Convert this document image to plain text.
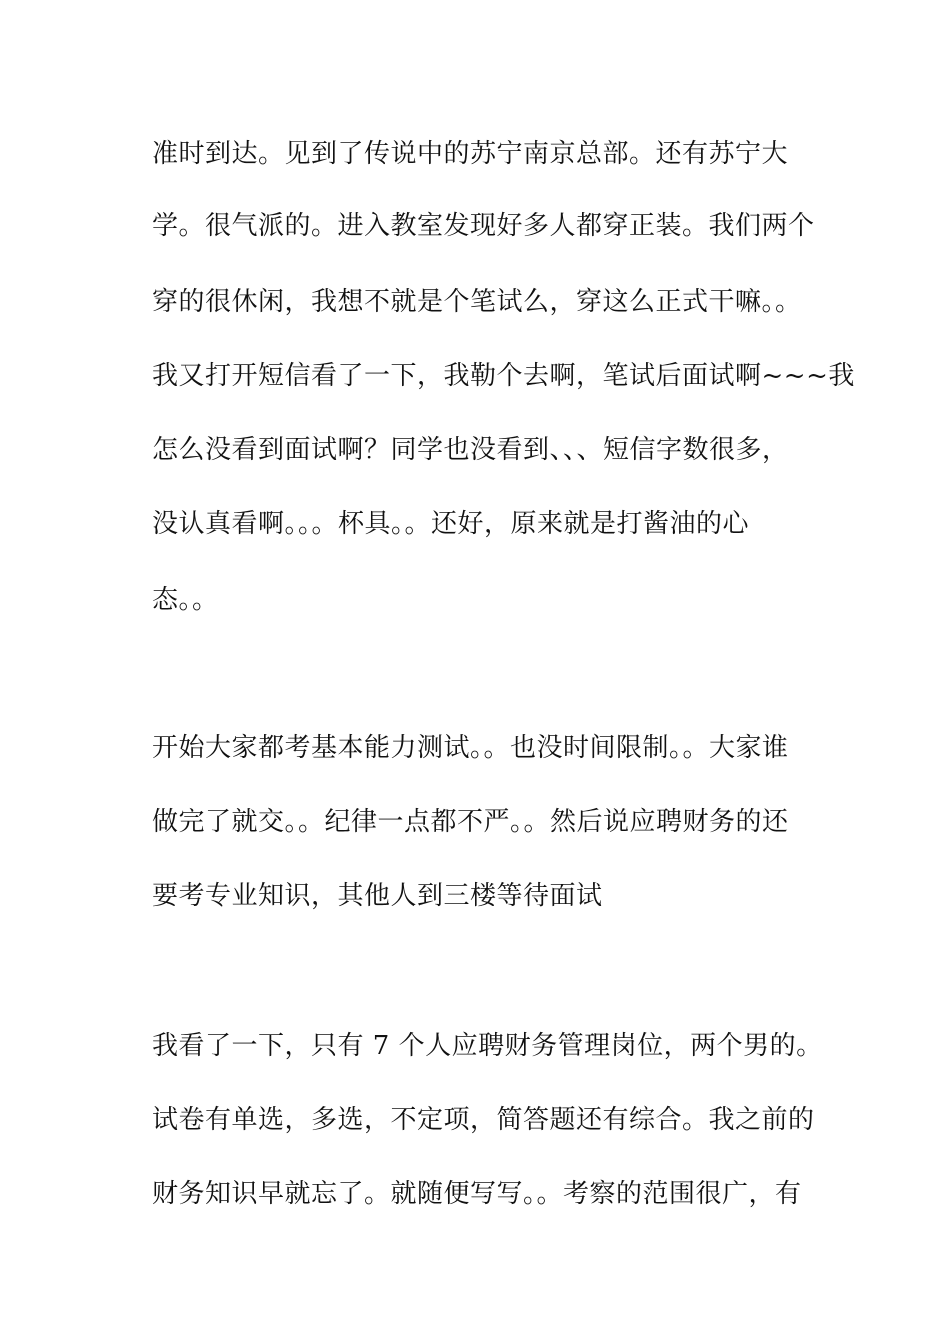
准时到达。见到了传说中的苏宁南京总部。还有苏宁大
学。很气派的。进入教室发现好多人都穿正装。我们两个
穿的很休闲，我想不就是个笔试么，穿这么正式干嘛。。
我又打开短信看了一下，我勒个去啊，笔试后面试啊~~~我
怎么没看到面试啊？同学也没看到、、、短信字数很多，
没认真看啊。。。杯具。。还好，原来就是打酱油的心
态。。
开始大家都考基本能力测试。。也没时间限制。。大家谁
做完了就交。。纪律一点都不严。。然后说应聘财务的还
要考专业知识，其他人到三楼等待面试
我看了一下，只有 7 个人应聘财务管理岗位，两个男的。
试卷有单选，多选，不定项，简答题还有综合。我之前的
财务知识早就忘了。就随便写写。。考察的范围很广，有
